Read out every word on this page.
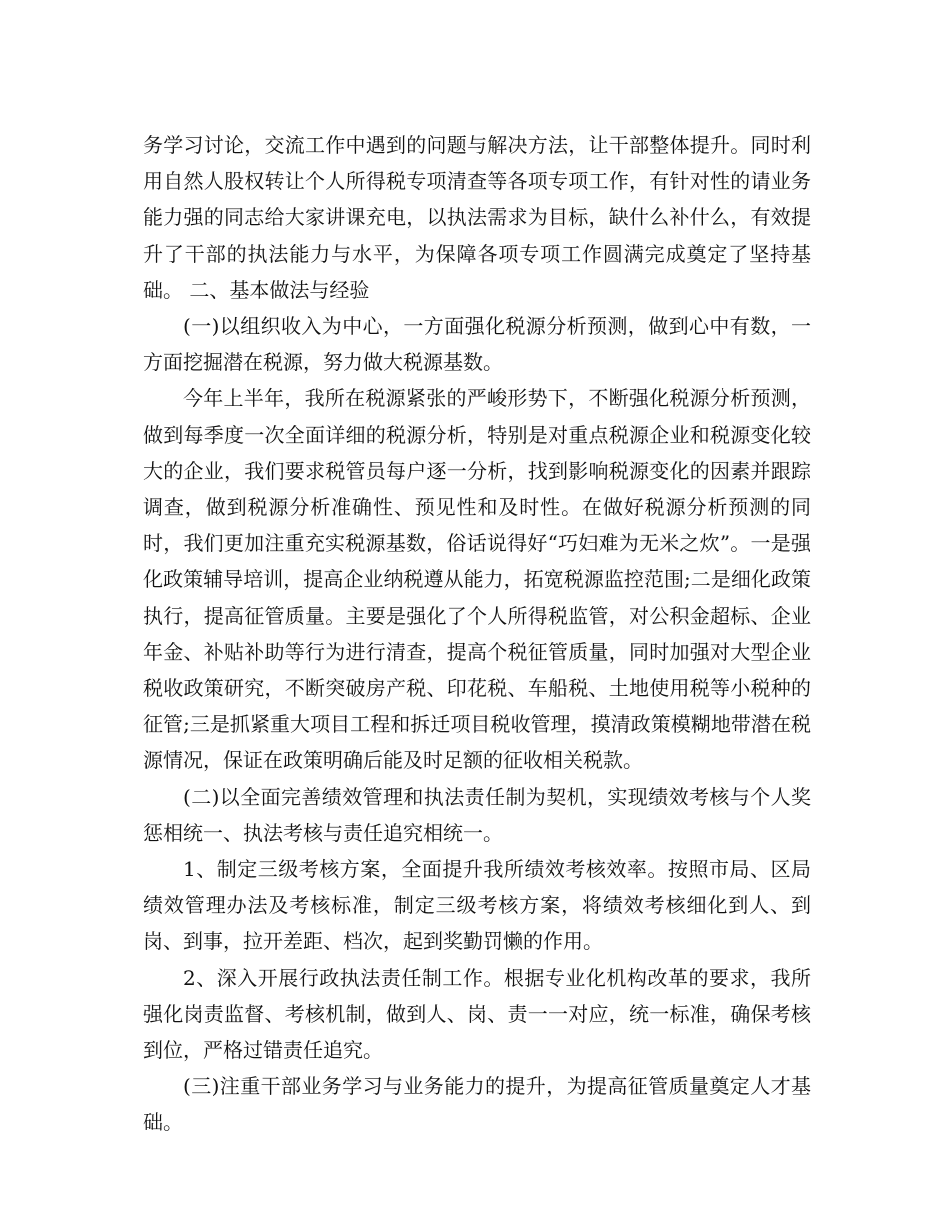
务学习讨论，交流工作中遇到的问题与解决方法，让干部整体提升。同时利用自然人股权转让个人所得税专项清查等各项专项工作，有针对性的请业务能力强的同志给大家讲课充电，以执法需求为目标，缺什么补什么，有效提升了干部的执法能力与水平，为保障各项专项工作圆满完成奠定了坚持基础。 二、基本做法与经验

(一)以组织收入为中心，一方面强化税源分析预测，做到心中有数，一方面挖掘潜在税源，努力做大税源基数。

今年上半年，我所在税源紧张的严峻形势下，不断强化税源分析预测，做到每季度一次全面详细的税源分析，特别是对重点税源企业和税源变化较大的企业，我们要求税管员每户逐一分析，找到影响税源变化的因素并跟踪调查，做到税源分析准确性、预见性和及时性。在做好税源分析预测的同时，我们更加注重充实税源基数，俗话说得好“巧妇难为无米之炊”。一是强化政策辅导培训，提高企业纳税遵从能力，拓宽税源监控范围;二是细化政策执行，提高征管质量。主要是强化了个人所得税监管，对公积金超标、企业年金、补贴补助等行为进行清查，提高个税征管质量，同时加强对大型企业税收政策研究，不断突破房产税、印花税、车船税、土地使用税等小税种的征管;三是抓紧重大项目工程和拆迁项目税收管理，摸清政策模糊地带潜在税源情况，保证在政策明确后能及时足额的征收相关税款。

(二)以全面完善绩效管理和执法责任制为契机，实现绩效考核与个人奖惩相统一、执法考核与责任追究相统一。

1、制定三级考核方案，全面提升我所绩效考核效率。按照市局、区局绩效管理办法及考核标准，制定三级考核方案，将绩效考核细化到人、到岗、到事，拉开差距、档次，起到奖勤罚懒的作用。

2、深入开展行政执法责任制工作。根据专业化机构改革的要求，我所强化岗责监督、考核机制，做到人、岗、责一一对应，统一标准，确保考核到位，严格过错责任追究。

(三)注重干部业务学习与业务能力的提升，为提高征管质量奠定人才基础。
